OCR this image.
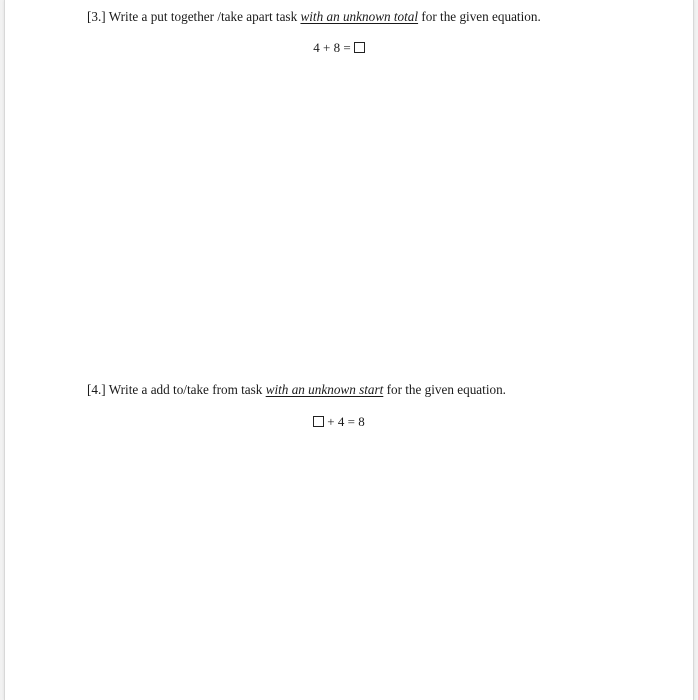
[3.] Write a put together /take apart task with an unknown total for the given equation.
4 + 8 =
[4.] Write a add to/take from task with an unknown start for the given equation.
+ 4 = 8
